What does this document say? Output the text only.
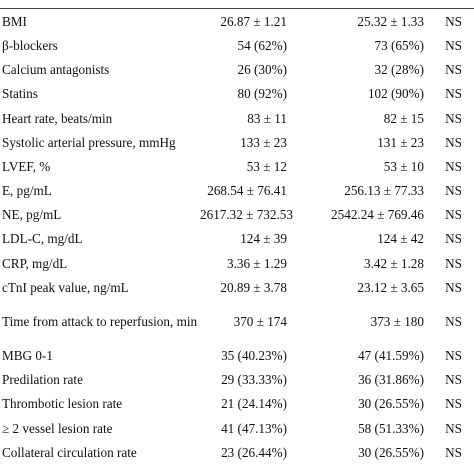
BMI	26.87 ± 1.21	25.32 ± 1.33	NS
β-blockers	54 (62%)	73 (65%)	NS
Calcium antagonists	26 (30%)	32 (28%)	NS
Statins	80 (92%)	102 (90%)	NS
Heart rate, beats/min	83 ± 11	82 ± 15	NS
Systolic arterial pressure, mmHg	133 ± 23	131 ± 23	NS
LVEF, %	53 ± 12	53 ± 10	NS
E, pg/mL	268.54 ± 76.41	256.13 ± 77.33	NS
NE, pg/mL	2617.32 ± 732.53	2542.24 ± 769.46	NS
LDL-C, mg/dL	124 ± 39	124 ± 42	NS
CRP, mg/dL	3.36 ± 1.29	3.42 ± 1.28	NS
cTnI peak value, ng/mL	20.89 ± 3.78	23.12 ± 3.65	NS
Time from attack to reperfusion, min	370 ± 174	373 ± 180	NS
MBG 0-1	35 (40.23%)	47 (41.59%)	NS
Predilation rate	29 (33.33%)	36 (31.86%)	NS
Thrombotic lesion rate	21 (24.14%)	30 (26.55%)	NS
≥ 2 vessel lesion rate	41 (47.13%)	58 (51.33%)	NS
Collateral circulation rate	23 (26.44%)	30 (26.55%)	NS
